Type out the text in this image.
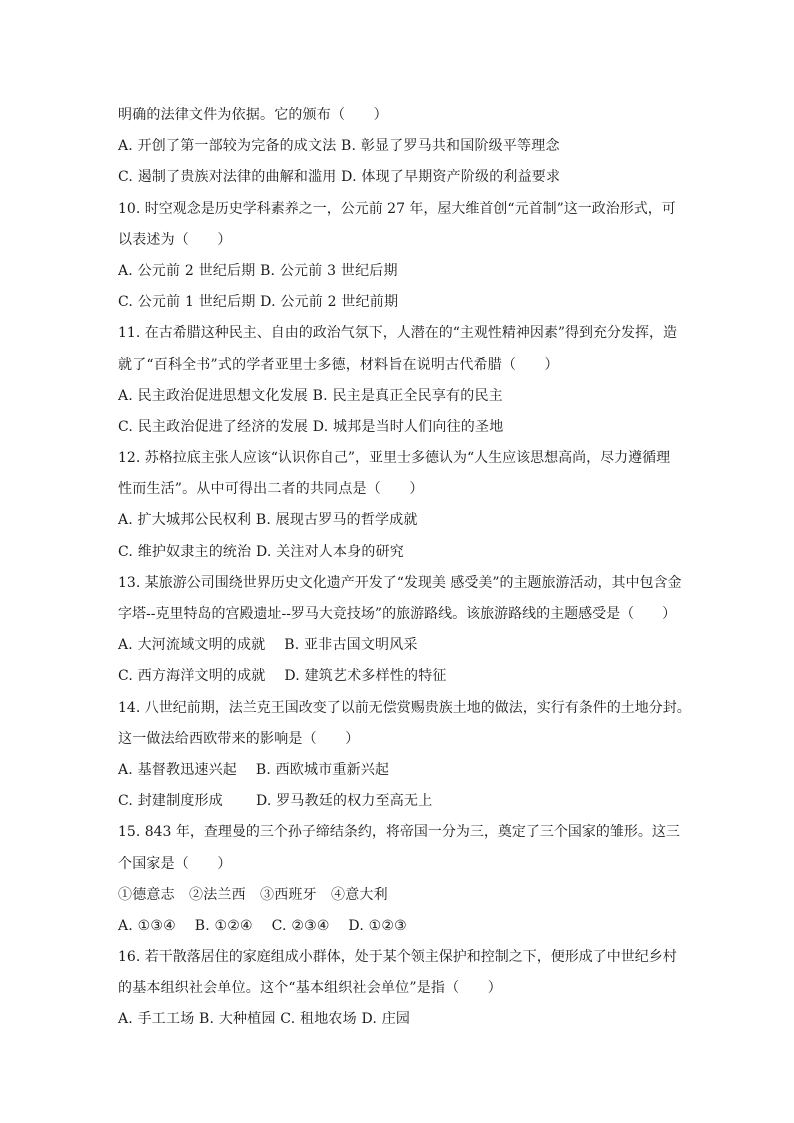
明确的法律文件为依据。它的颁布（　　）
A. 开创了第一部较为完备的成文法 B. 彰显了罗马共和国阶级平等理念
C. 遏制了贵族对法律的曲解和滥用 D. 体现了早期资产阶级的利益要求
10. 时空观念是历史学科素养之一，公元前 27 年，屋大维首创“元首制”这一政治形式，可
以表述为（　　）
A. 公元前 2 世纪后期 B. 公元前 3 世纪后期
C. 公元前 1 世纪后期 D. 公元前 2 世纪前期
11. 在古希腊这种民主、自由的政治气氛下，人潜在的“主观性精神因素”得到充分发挥，造
就了“百科全书”式的学者亚里士多德，材料旨在说明古代希腊（　　）
A. 民主政治促进思想文化发展 B. 民主是真正全民享有的民主
C. 民主政治促进了经济的发展 D. 城邦是当时人们向往的圣地
12. 苏格拉底主张人应该“认识你自己”，亚里士多德认为“人生应该思想高尚，尽力遵循理
性而生活”。从中可得出二者的共同点是（　　）
A. 扩大城邦公民权利 B. 展现古罗马的哲学成就
C. 维护奴隶主的统治 D. 关注对人本身的研究
13. 某旅游公司围绕世界历史文化遗产开发了“发现美 感受美”的主题旅游活动，其中包含金
字塔--克里特岛的宫殿遗址--罗马大竞技场”的旅游路线。该旅游路线的主题感受是（　　）
A. 大河流域文明的成就　 B. 亚非古国文明风采
C. 西方海洋文明的成就　 D. 建筑艺术多样性的特征
14. 八世纪前期，法兰克王国改变了以前无偿赏赐贵族土地的做法，实行有条件的土地分封。
这一做法给西欧带来的影响是（　　）
A. 基督教迅速兴起　 B. 西欧城市重新兴起
C. 封建制度形成　　 D. 罗马教廷的权力至高无上
15. 843 年，查理曼的三个孙子缔结条约，将帝国一分为三，奠定了三个国家的雏形。这三
个国家是（　　）
①德意志　②法兰西　③西班牙　④意大利
A. ①③④　 B. ①②④　 C. ②③④　 D. ①②③
16. 若干散落居住的家庭组成小群体，处于某个领主保护和控制之下，便形成了中世纪乡村
的基本组织社会单位。这个“基本组织社会单位”是指（　　）
A. 手工工场 B. 大种植园 C. 租地农场 D. 庄园
